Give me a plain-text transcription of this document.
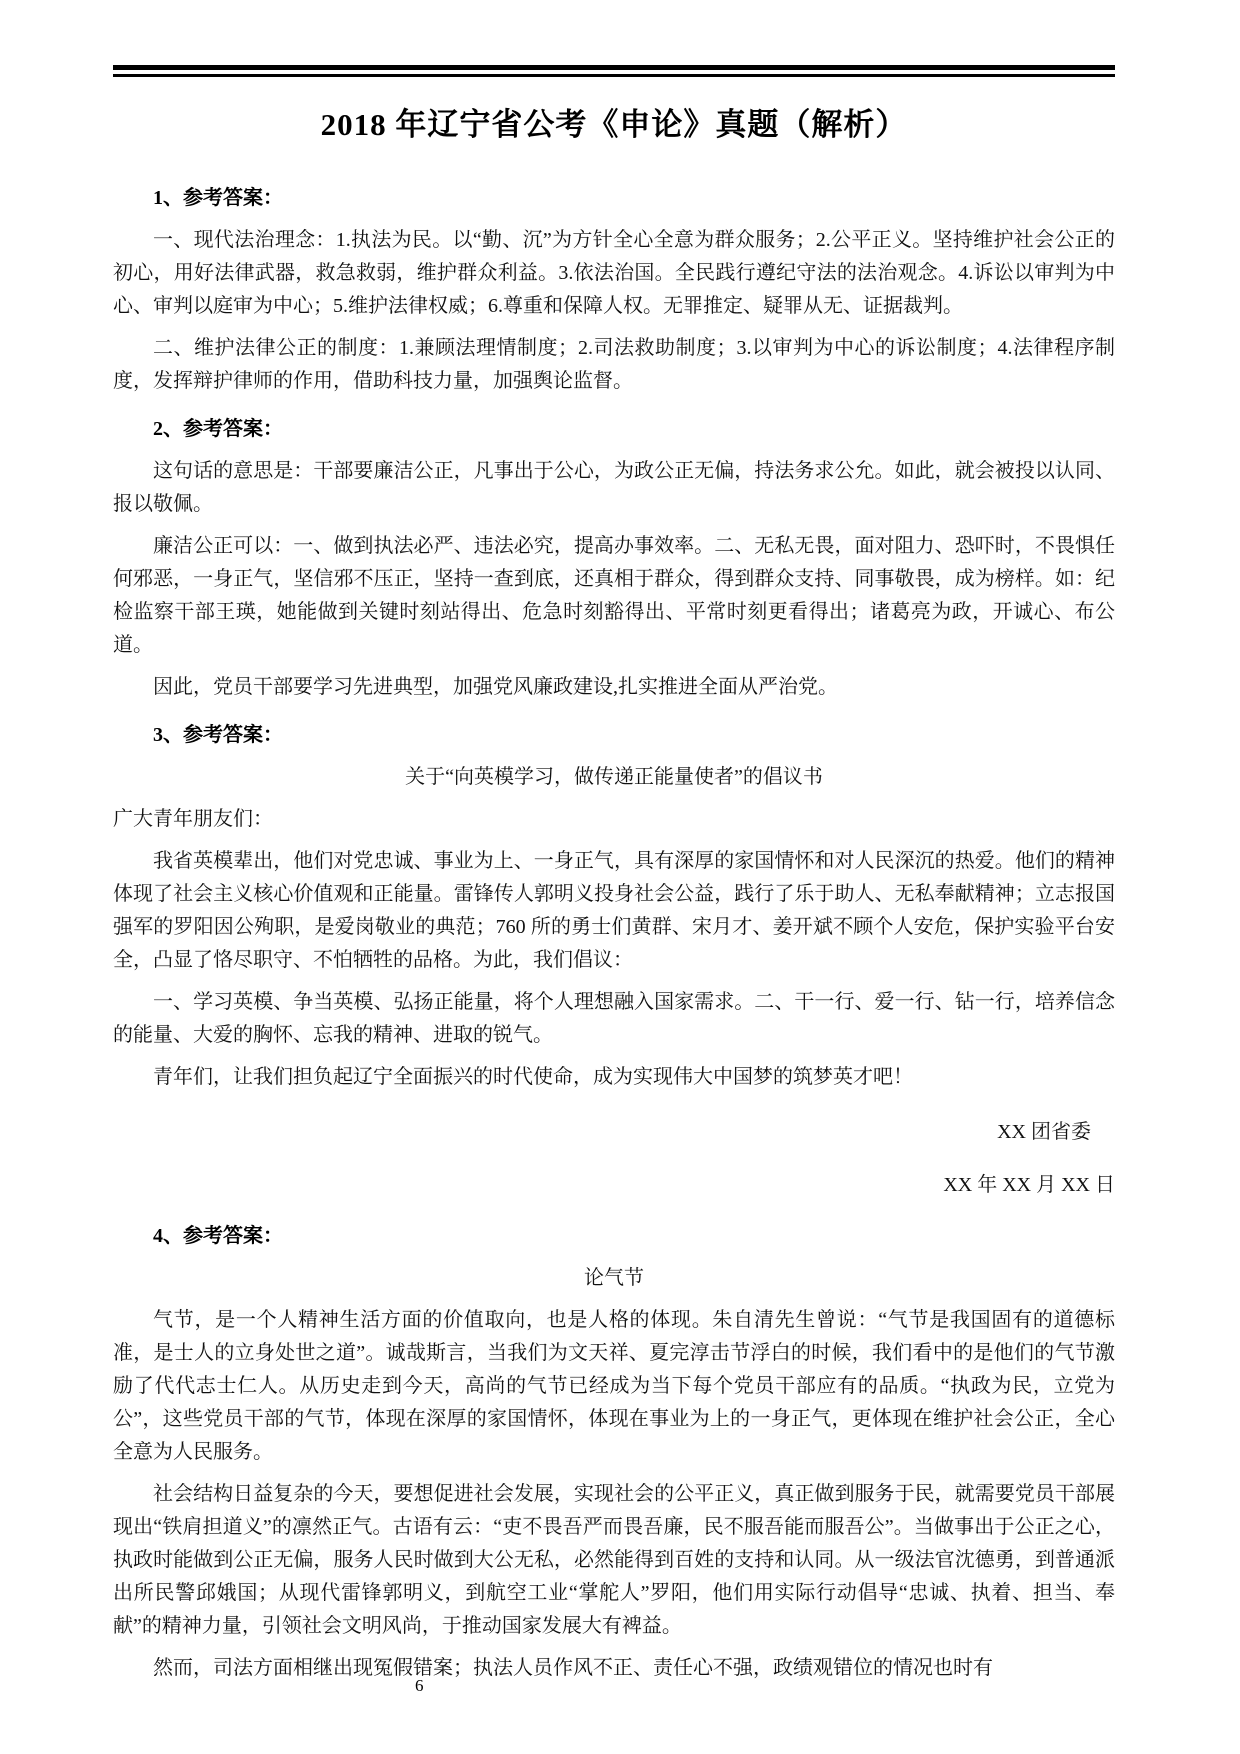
2018 年辽宁省公考《申论》真题（解析）
1、参考答案：

一、现代法治理念：1.执法为民。以“勤、沉”为方针全心全意为群众服务；2.公平正义。坚持维护社会公正的初心，用好法律武器，救急救弱，维护群众利益。3.依法治国。全民践行遵纪守法的法治观念。4.诉讼以审判为中心、审判以庭审为中心；5.维护法律权威；6.尊重和保障人权。无罪推定、疑罪从无、证据裁判。

二、维护法律公正的制度：1.兼顾法理情制度；2.司法救助制度；3.以审判为中心的诉讼制度；4.法律程序制度，发挥辩护律师的作用，借助科技力量，加强舆论监督。

2、参考答案：

这句话的意思是：干部要廉洁公正，凡事出于公心，为政公正无偏，持法务求公允。如此，就会被投以认同、报以敬佩。

廉洁公正可以：一、做到执法必严、违法必究，提高办事效率。二、无私无畏，面对阻力、恐吓时，不畏惧任何邪恶，一身正气，坚信邪不压正，坚持一查到底，还真相于群众，得到群众支持、同事敬畏，成为榜样。如：纪检监察干部王瑛，她能做到关键时刻站得出、危急时刻豁得出、平常时刻更看得出；诸葛亮为政，开诚心、布公道。

因此，党员干部要学习先进典型，加强党风廉政建设,扎实推进全面从严治党。

3、参考答案：

关于“向英模学习，做传递正能量使者”的倡议书

广大青年朋友们：

我省英模辈出，他们对党忠诚、事业为上、一身正气，具有深厚的家国情怀和对人民深沉的热爱。他们的精神体现了社会主义核心价值观和正能量。雷锋传人郭明义投身社会公益，践行了乐于助人、无私奉献精神；立志报国强军的罗阳因公殉职，是爱岗敬业的典范；760 所的勇士们黄群、宋月才、姜开斌不顾个人安危，保护实验平台安全，凸显了恪尽职守、不怕牺牲的品格。为此，我们倡议：

一、学习英模、争当英模、弘扬正能量，将个人理想融入国家需求。二、干一行、爱一行、钻一行，培养信念的能量、大爱的胸怀、忘我的精神、进取的锐气。

青年们，让我们担负起辽宁全面振兴的时代使命，成为实现伟大中国梦的筑梦英才吧！

XX 团省委

XX 年 XX 月 XX 日

4、参考答案：

论气节

气节，是一个人精神生活方面的价值取向，也是人格的体现。朱自清先生曾说：“气节是我国固有的道德标准，是士人的立身处世之道”。诚哉斯言，当我们为文天祥、夏完淳击节浮白的时候，我们看中的是他们的气节激励了代代志士仁人。从历史走到今天，高尚的气节已经成为当下每个党员干部应有的品质。“执政为民，立党为公”，这些党员干部的气节，体现在深厚的家国情怀，体现在事业为上的一身正气，更体现在维护社会公正，全心全意为人民服务。

社会结构日益复杂的今天，要想促进社会发展，实现社会的公平正义，真正做到服务于民，就需要党员干部展现出“铁肩担道义”的凛然正气。古语有云：“吏不畏吾严而畏吾廉，民不服吾能而服吾公”。当做事出于公正之心，执政时能做到公正无偏，服务人民时做到大公无私，必然能得到百姓的支持和认同。从一级法官沈德勇，到普通派出所民警邱娥国；从现代雷锋郭明义，到航空工业“掌舵人”罗阳，他们用实际行动倡导“忠诚、执着、担当、奉献”的精神力量，引领社会文明风尚，于推动国家发展大有裨益。

然而，司法方面相继出现冤假错案；执法人员作风不正、责任心不强，政绩观错位的情况也时有

6
